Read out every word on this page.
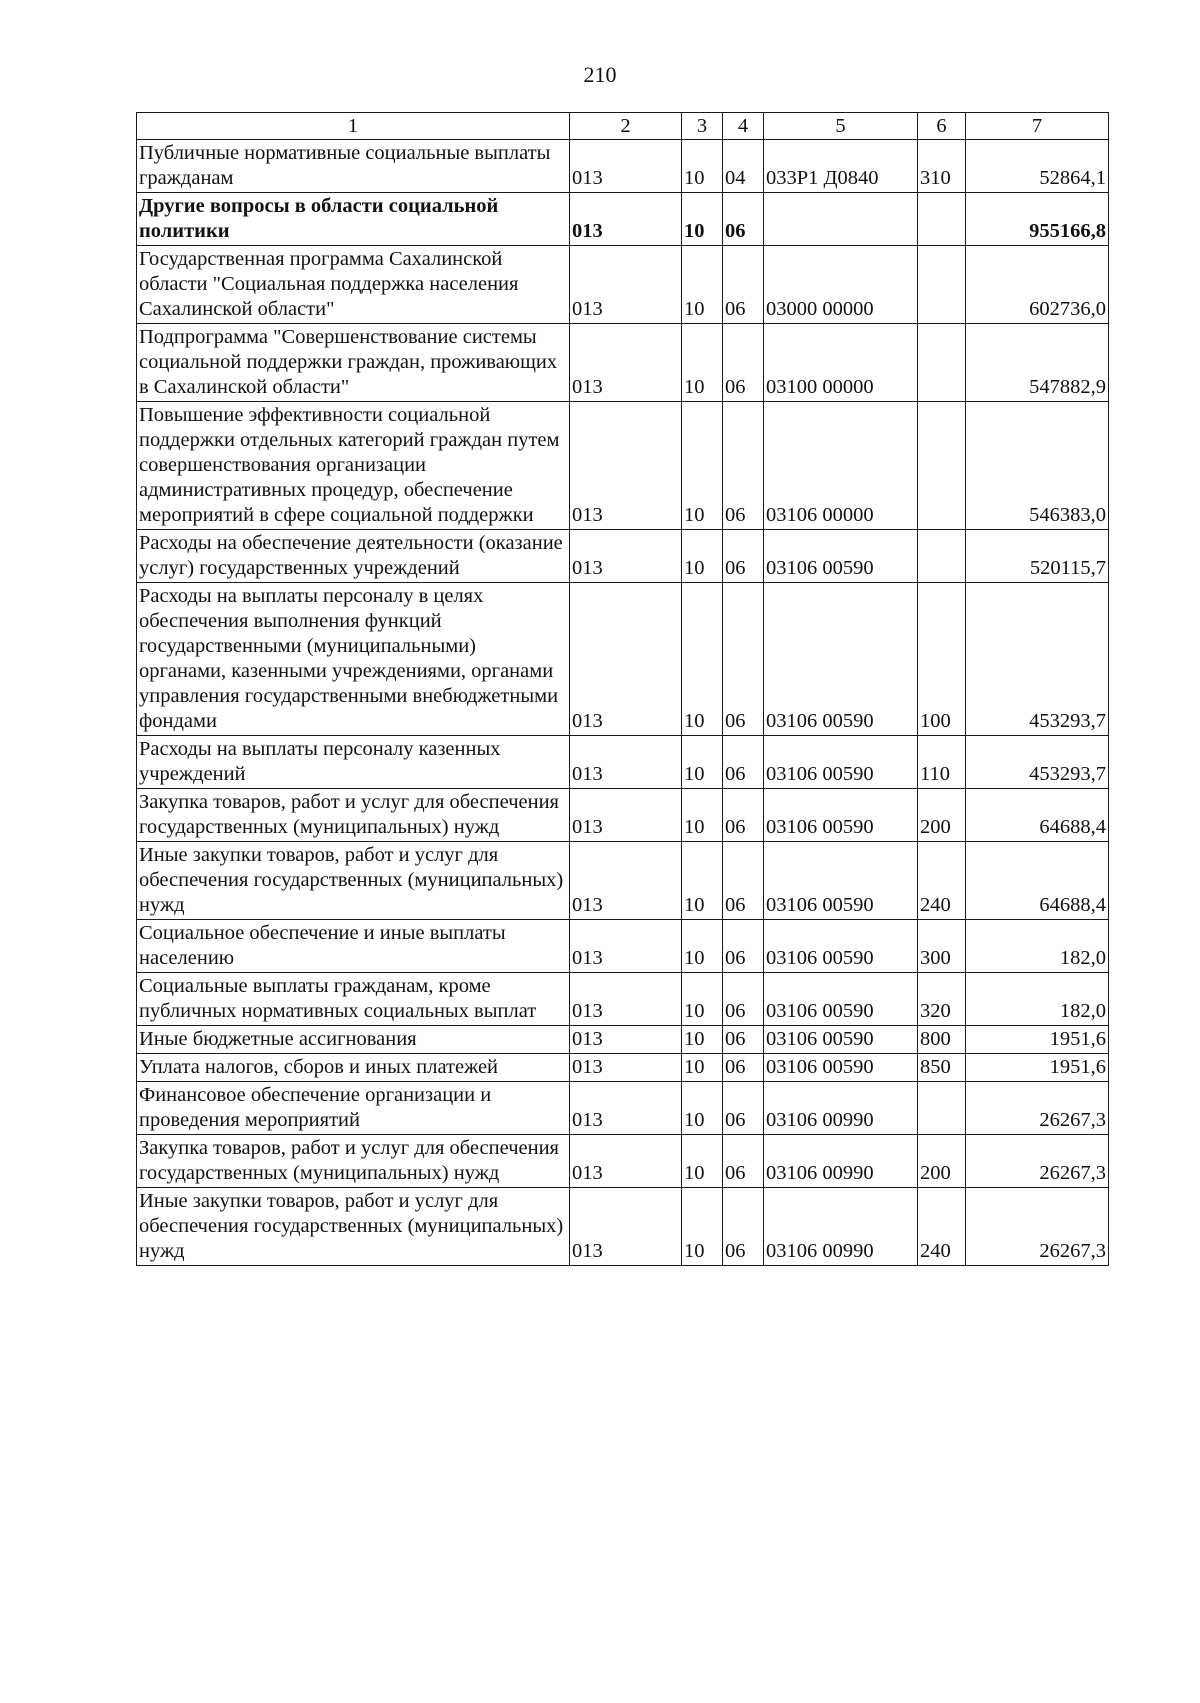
210
1	2	3	4	5	6	7
Публичные нормативные социальные выплаты гражданам	013	10	04	033Р1 Д0840	310	52864,1
Другие вопросы в области социальной политики	013	10	06			955166,8
Государственная программа Сахалинской области "Социальная поддержка населения Сахалинской области"	013	10	06	03000 00000		602736,0
Подпрограмма "Совершенствование системы социальной поддержки граждан, проживающих в Сахалинской области"	013	10	06	03100 00000		547882,9
Повышение эффективности социальной поддержки отдельных категорий граждан путем совершенствования организации административных процедур, обеспечение мероприятий в сфере социальной поддержки	013	10	06	03106 00000		546383,0
Расходы на обеспечение деятельности (оказание услуг) государственных учреждений	013	10	06	03106 00590		520115,7
Расходы на выплаты персоналу в целях обеспечения выполнения функций государственными (муниципальными) органами, казенными учреждениями, органами управления государственными внебюджетными фондами	013	10	06	03106 00590	100	453293,7
Расходы на выплаты персоналу казенных учреждений	013	10	06	03106 00590	110	453293,7
Закупка товаров, работ и услуг для обеспечения государственных (муниципальных) нужд	013	10	06	03106 00590	200	64688,4
Иные закупки товаров, работ и услуг для обеспечения государственных (муниципальных) нужд	013	10	06	03106 00590	240	64688,4
Социальное обеспечение и иные выплаты населению	013	10	06	03106 00590	300	182,0
Социальные выплаты гражданам, кроме публичных нормативных социальных выплат	013	10	06	03106 00590	320	182,0
Иные бюджетные ассигнования	013	10	06	03106 00590	800	1951,6
Уплата налогов, сборов и иных платежей	013	10	06	03106 00590	850	1951,6
Финансовое обеспечение организации и проведения мероприятий	013	10	06	03106 00990		26267,3
Закупка товаров, работ и услуг для обеспечения государственных (муниципальных) нужд	013	10	06	03106 00990	200	26267,3
Иные закупки товаров, работ и услуг для обеспечения государственных (муниципальных) нужд	013	10	06	03106 00990	240	26267,3
